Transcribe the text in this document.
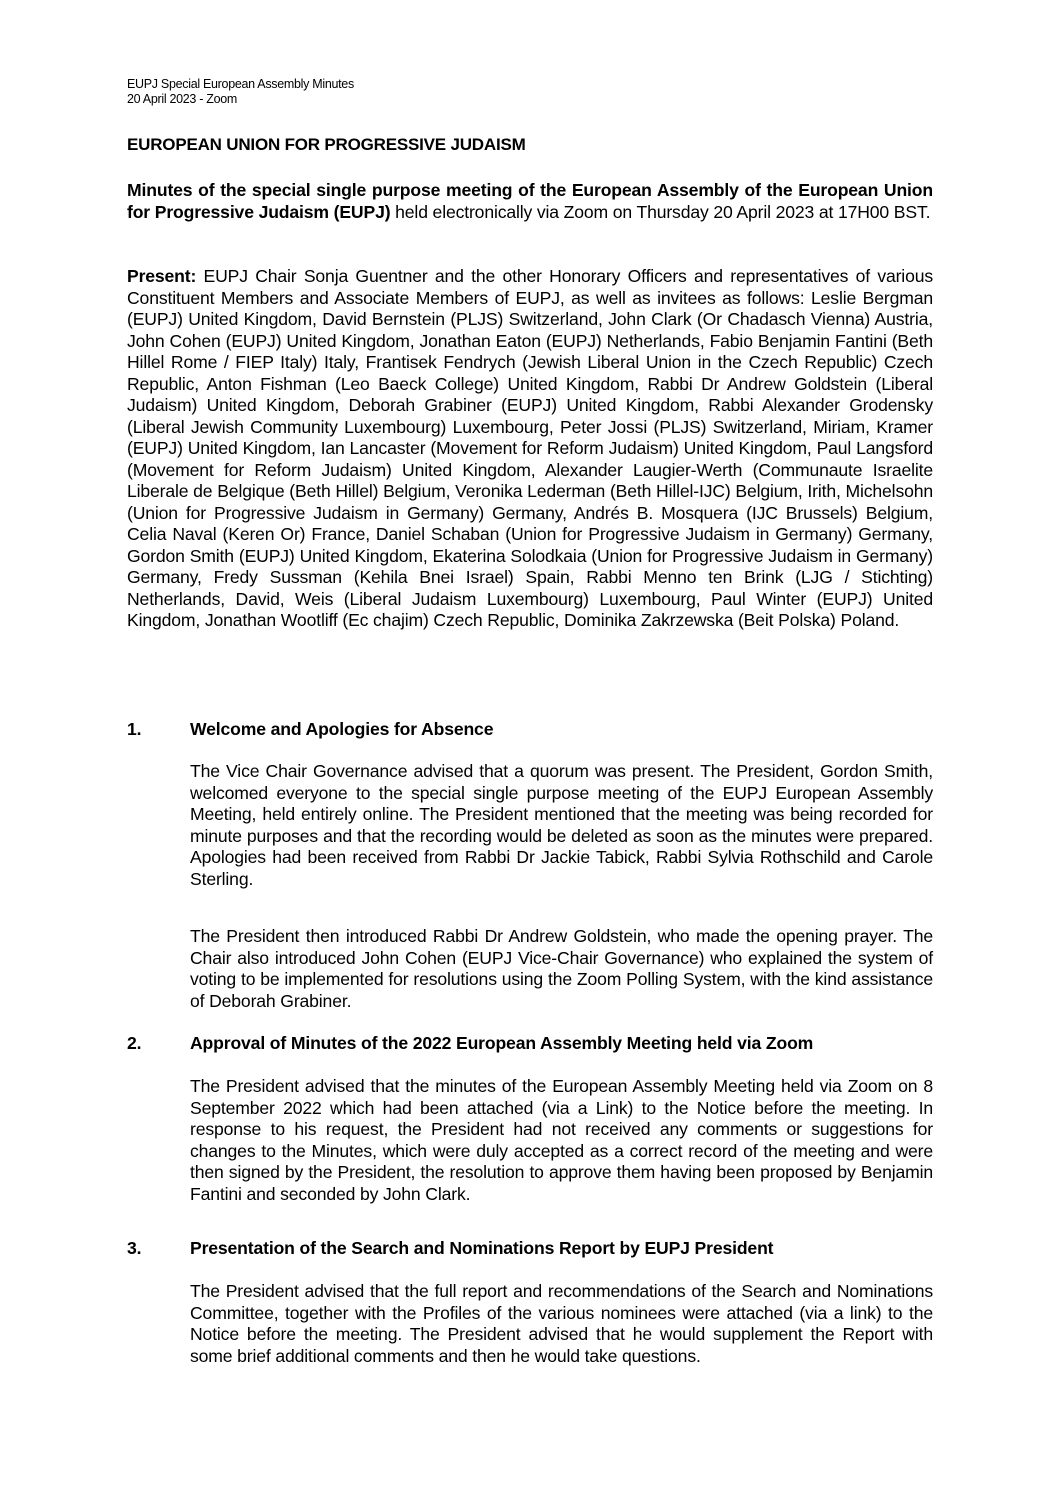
EUPJ Special European Assembly Minutes
20 April 2023 - Zoom
EUROPEAN UNION FOR PROGRESSIVE JUDAISM

Minutes of the special single purpose meeting of the European Assembly of the European Union for Progressive Judaism (EUPJ) held electronically via Zoom on Thursday 20 April 2023 at 17H00 BST.

Present: EUPJ Chair Sonja Guentner and the other Honorary Officers and representatives of various Constituent Members and Associate Members of EUPJ, as well as invitees as follows: Leslie Bergman (EUPJ) United Kingdom, David Bernstein (PLJS) Switzerland, John Clark (Or Chadasch Vienna) Austria, John Cohen (EUPJ) United Kingdom, Jonathan Eaton (EUPJ) Netherlands, Fabio Benjamin Fantini (Beth Hillel Rome / FIEP Italy) Italy, Frantisek Fendrych (Jewish Liberal Union in the Czech Republic) Czech Republic, Anton Fishman (Leo Baeck College) United Kingdom, Rabbi Dr Andrew Goldstein (Liberal Judaism) United Kingdom, Deborah Grabiner (EUPJ) United Kingdom, Rabbi Alexander Grodensky (Liberal Jewish Community Luxembourg) Luxembourg, Peter Jossi (PLJS) Switzerland, Miriam, Kramer (EUPJ) United Kingdom, Ian Lancaster (Movement for Reform Judaism) United Kingdom, Paul Langsford (Movement for Reform Judaism) United Kingdom, Alexander Laugier-Werth (Communaute Israelite Liberale de Belgique (Beth Hillel) Belgium, Veronika Lederman (Beth Hillel-IJC) Belgium, Irith, Michelsohn (Union for Progressive Judaism in Germany) Germany, Andrés B. Mosquera (IJC Brussels) Belgium, Celia Naval (Keren Or) France, Daniel Schaban (Union for Progressive Judaism in Germany) Germany, Gordon Smith (EUPJ) United Kingdom, Ekaterina Solodkaia (Union for Progressive Judaism in Germany) Germany, Fredy Sussman (Kehila Bnei Israel) Spain, Rabbi Menno ten Brink (LJG / Stichting) Netherlands, David, Weis (Liberal Judaism Luxembourg) Luxembourg, Paul Winter (EUPJ) United Kingdom, Jonathan Wootliff (Ec chajim) Czech Republic, Dominika Zakrzewska (Beit Polska) Poland.

1.	Welcome and Apologies for Absence

The Vice Chair Governance advised that a quorum was present. The President, Gordon Smith, welcomed everyone to the special single purpose meeting of the EUPJ European Assembly Meeting, held entirely online. The President mentioned that the meeting was being recorded for minute purposes and that the recording would be deleted as soon as the minutes were prepared. Apologies had been received from Rabbi Dr Jackie Tabick, Rabbi Sylvia Rothschild and Carole Sterling.

The President then introduced Rabbi Dr Andrew Goldstein, who made the opening prayer. The Chair also introduced John Cohen (EUPJ Vice-Chair Governance) who explained the system of voting to be implemented for resolutions using the Zoom Polling System, with the kind assistance of Deborah Grabiner.

2.	Approval of Minutes of the 2022 European Assembly Meeting held via Zoom

The President advised that the minutes of the European Assembly Meeting held via Zoom on 8 September 2022 which had been attached (via a Link) to the Notice before the meeting. In response to his request, the President had not received any comments or suggestions for changes to the Minutes, which were duly accepted as a correct record of the meeting and were then signed by the President, the resolution to approve them having been proposed by Benjamin Fantini and seconded by John Clark.

3.	Presentation of the Search and Nominations Report by EUPJ President

The President advised that the full report and recommendations of the Search and Nominations Committee, together with the Profiles of the various nominees were attached (via a link) to the Notice before the meeting. The President advised that he would supplement the Report with some brief additional comments and then he would take questions.
